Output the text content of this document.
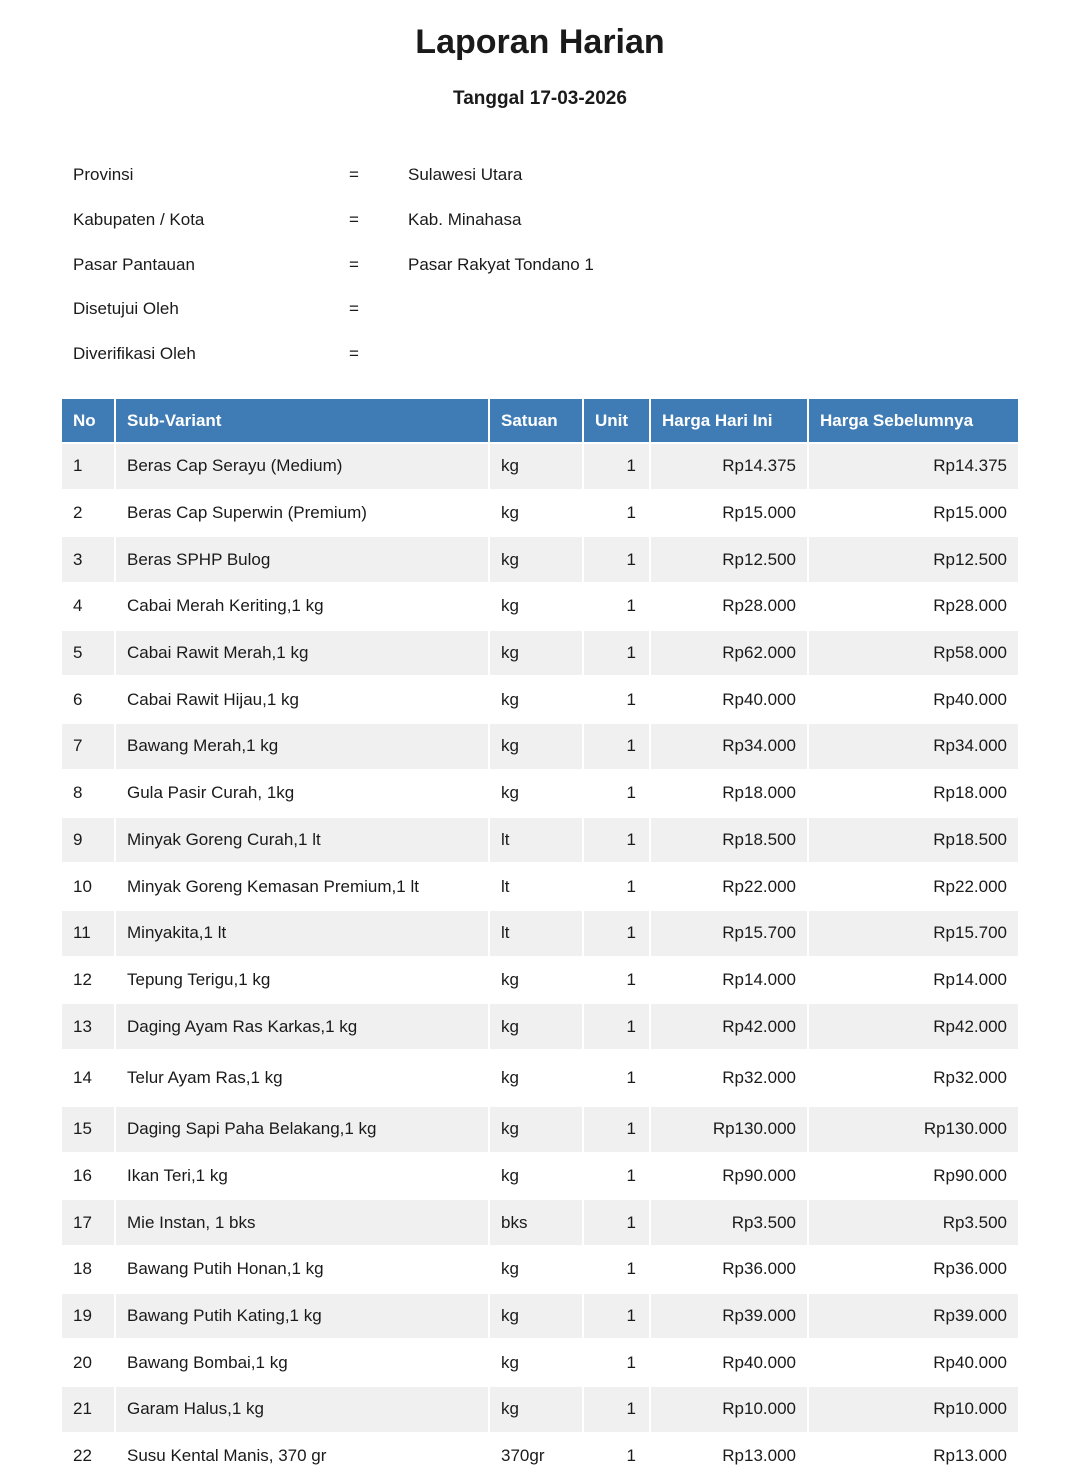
Laporan Harian
Tanggal 17-03-2026
Provinsi	=	Sulawesi Utara
Kabupaten / Kota	=	Kab. Minahasa
Pasar Pantauan	=	Pasar Rakyat Tondano 1
Disetujui Oleh	=
Diverifikasi Oleh	=
No	Sub-Variant	Satuan	Unit	Harga Hari Ini	Harga Sebelumnya
1	Beras Cap Serayu (Medium)	kg	1	Rp14.375	Rp14.375
2	Beras Cap Superwin (Premium)	kg	1	Rp15.000	Rp15.000
3	Beras SPHP Bulog	kg	1	Rp12.500	Rp12.500
4	Cabai Merah Keriting,1 kg	kg	1	Rp28.000	Rp28.000
5	Cabai Rawit Merah,1 kg	kg	1	Rp62.000	Rp58.000
6	Cabai Rawit Hijau,1 kg	kg	1	Rp40.000	Rp40.000
7	Bawang Merah,1 kg	kg	1	Rp34.000	Rp34.000
8	Gula Pasir Curah, 1kg	kg	1	Rp18.000	Rp18.000
9	Minyak Goreng Curah,1 lt	lt	1	Rp18.500	Rp18.500
10	Minyak Goreng Kemasan Premium,1 lt	lt	1	Rp22.000	Rp22.000
11	Minyakita,1 lt	lt	1	Rp15.700	Rp15.700
12	Tepung Terigu,1 kg	kg	1	Rp14.000	Rp14.000
13	Daging Ayam Ras Karkas,1 kg	kg	1	Rp42.000	Rp42.000
14	Telur Ayam Ras,1 kg	kg	1	Rp32.000	Rp32.000
15	Daging Sapi Paha Belakang,1 kg	kg	1	Rp130.000	Rp130.000
16	Ikan Teri,1 kg	kg	1	Rp90.000	Rp90.000
17	Mie Instan, 1 bks	bks	1	Rp3.500	Rp3.500
18	Bawang Putih Honan,1 kg	kg	1	Rp36.000	Rp36.000
19	Bawang Putih Kating,1 kg	kg	1	Rp39.000	Rp39.000
20	Bawang Bombai,1 kg	kg	1	Rp40.000	Rp40.000
21	Garam Halus,1 kg	kg	1	Rp10.000	Rp10.000
22	Susu Kental Manis, 370 gr	370gr	1	Rp13.000	Rp13.000
